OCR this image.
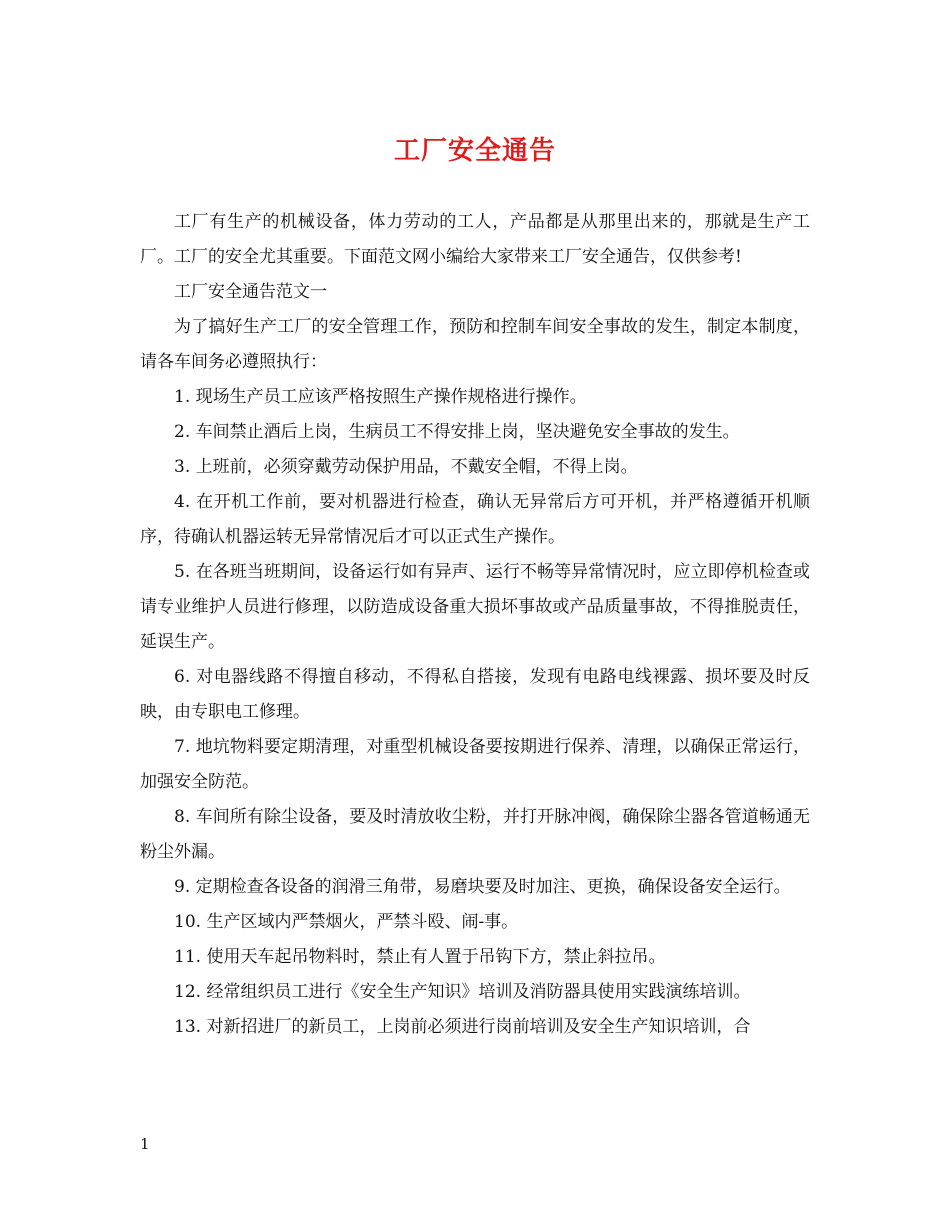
工厂安全通告

工厂有生产的机械设备，体力劳动的工人，产品都是从那里出来的，那就是生产工厂。工厂的安全尤其重要。下面范文网小编给大家带来工厂安全通告，仅供参考!

工厂安全通告范文一

为了搞好生产工厂的安全管理工作，预防和控制车间安全事故的发生，制定本制度，请各车间务必遵照执行：

1. 现场生产员工应该严格按照生产操作规格进行操作。

2. 车间禁止酒后上岗，生病员工不得安排上岗，坚决避免安全事故的发生。

3. 上班前，必须穿戴劳动保护用品，不戴安全帽，不得上岗。

4. 在开机工作前，要对机器进行检查，确认无异常后方可开机，并严格遵循开机顺序，待确认机器运转无异常情况后才可以正式生产操作。

5. 在各班当班期间，设备运行如有异声、运行不畅等异常情况时，应立即停机检查或请专业维护人员进行修理，以防造成设备重大损坏事故或产品质量事故，不得推脱责任，延误生产。

6. 对电器线路不得擅自移动，不得私自搭接，发现有电路电线裸露、损坏要及时反映，由专职电工修理。

7. 地坑物料要定期清理，对重型机械设备要按期进行保养、清理，以确保正常运行，加强安全防范。

8. 车间所有除尘设备，要及时清放收尘粉，并打开脉冲阀，确保除尘器各管道畅通无粉尘外漏。

9. 定期检查各设备的润滑三角带，易磨块要及时加注、更换，确保设备安全运行。

10. 生产区域内严禁烟火，严禁斗殴、闹-事。

11. 使用天车起吊物料时，禁止有人置于吊钩下方，禁止斜拉吊。

12. 经常组织员工进行《安全生产知识》培训及消防器具使用实践演练培训。

13. 对新招进厂的新员工，上岗前必须进行岗前培训及安全生产知识培训，合

1
